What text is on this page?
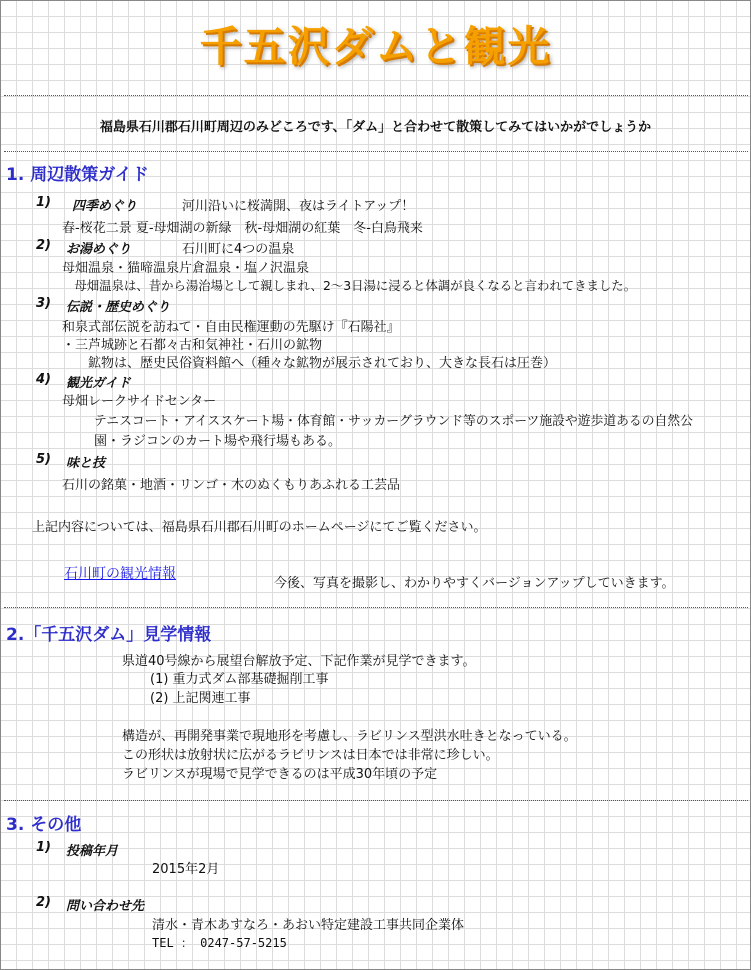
千五沢ダムと観光
福島県石川郡石川町周辺のみどころです、「ダム」と合わせて散策してみてはいかがでしょうか
1. 周辺散策ガイド
1) 四季めぐり	河川沿いに桜満開、夜はライトアップ！
春-桜花二景 夏-母畑湖の新緑　秋-母畑湖の紅葉　冬-白鳥飛来
2) お湯めぐり	石川町に4つの温泉
母畑温泉・猫啼温泉片倉温泉・塩ノ沢温泉
　母畑温泉は、昔から湯治場として親しまれ、2〜3日湯に浸ると体調が良くなると言われてきました。
3) 伝説・歴史めぐり
和泉式部伝説を訪ねて・自由民権運動の先駆け『石陽社』
・三芦城跡と石都々古和気神社・石川の鉱物
　　鉱物は、歴史民俗資料館へ（種々な鉱物が展示されており、大きな長石は圧巻）
4) 観光ガイド
母畑レークサイドセンター
テニスコート・アイススケート場・体育館・サッカーグラウンド等のスポーツ施設や遊歩道あるの自然公
園・ラジコンのカート場や飛行場もある。
5) 味と技
石川の銘菓・地酒・リンゴ・木のぬくもりあふれる工芸品
上記内容については、福島県石川郡石川町のホームページにてご覧ください。
石川町の観光情報
今後、写真を撮影し、わかりやすくバージョンアップしていきます。
2.「千五沢ダム」見学情報
県道40号線から展望台解放予定、下記作業が見学できます。
(1) 重力式ダム部基礎掘削工事
(2) 上記関連工事
構造が、再開発事業で現地形を考慮し、ラビリンス型洪水吐きとなっている。
この形状は放射状に広がるラビリンスは日本では非常に珍しい。
ラビリンスが現場で見学できるのは平成30年頃の予定
3. その他
1) 投稿年月
2015年2月
2) 問い合わせ先
清水・青木あすなろ・あおい特定建設工事共同企業体
TEL ： 0247-57-5215
